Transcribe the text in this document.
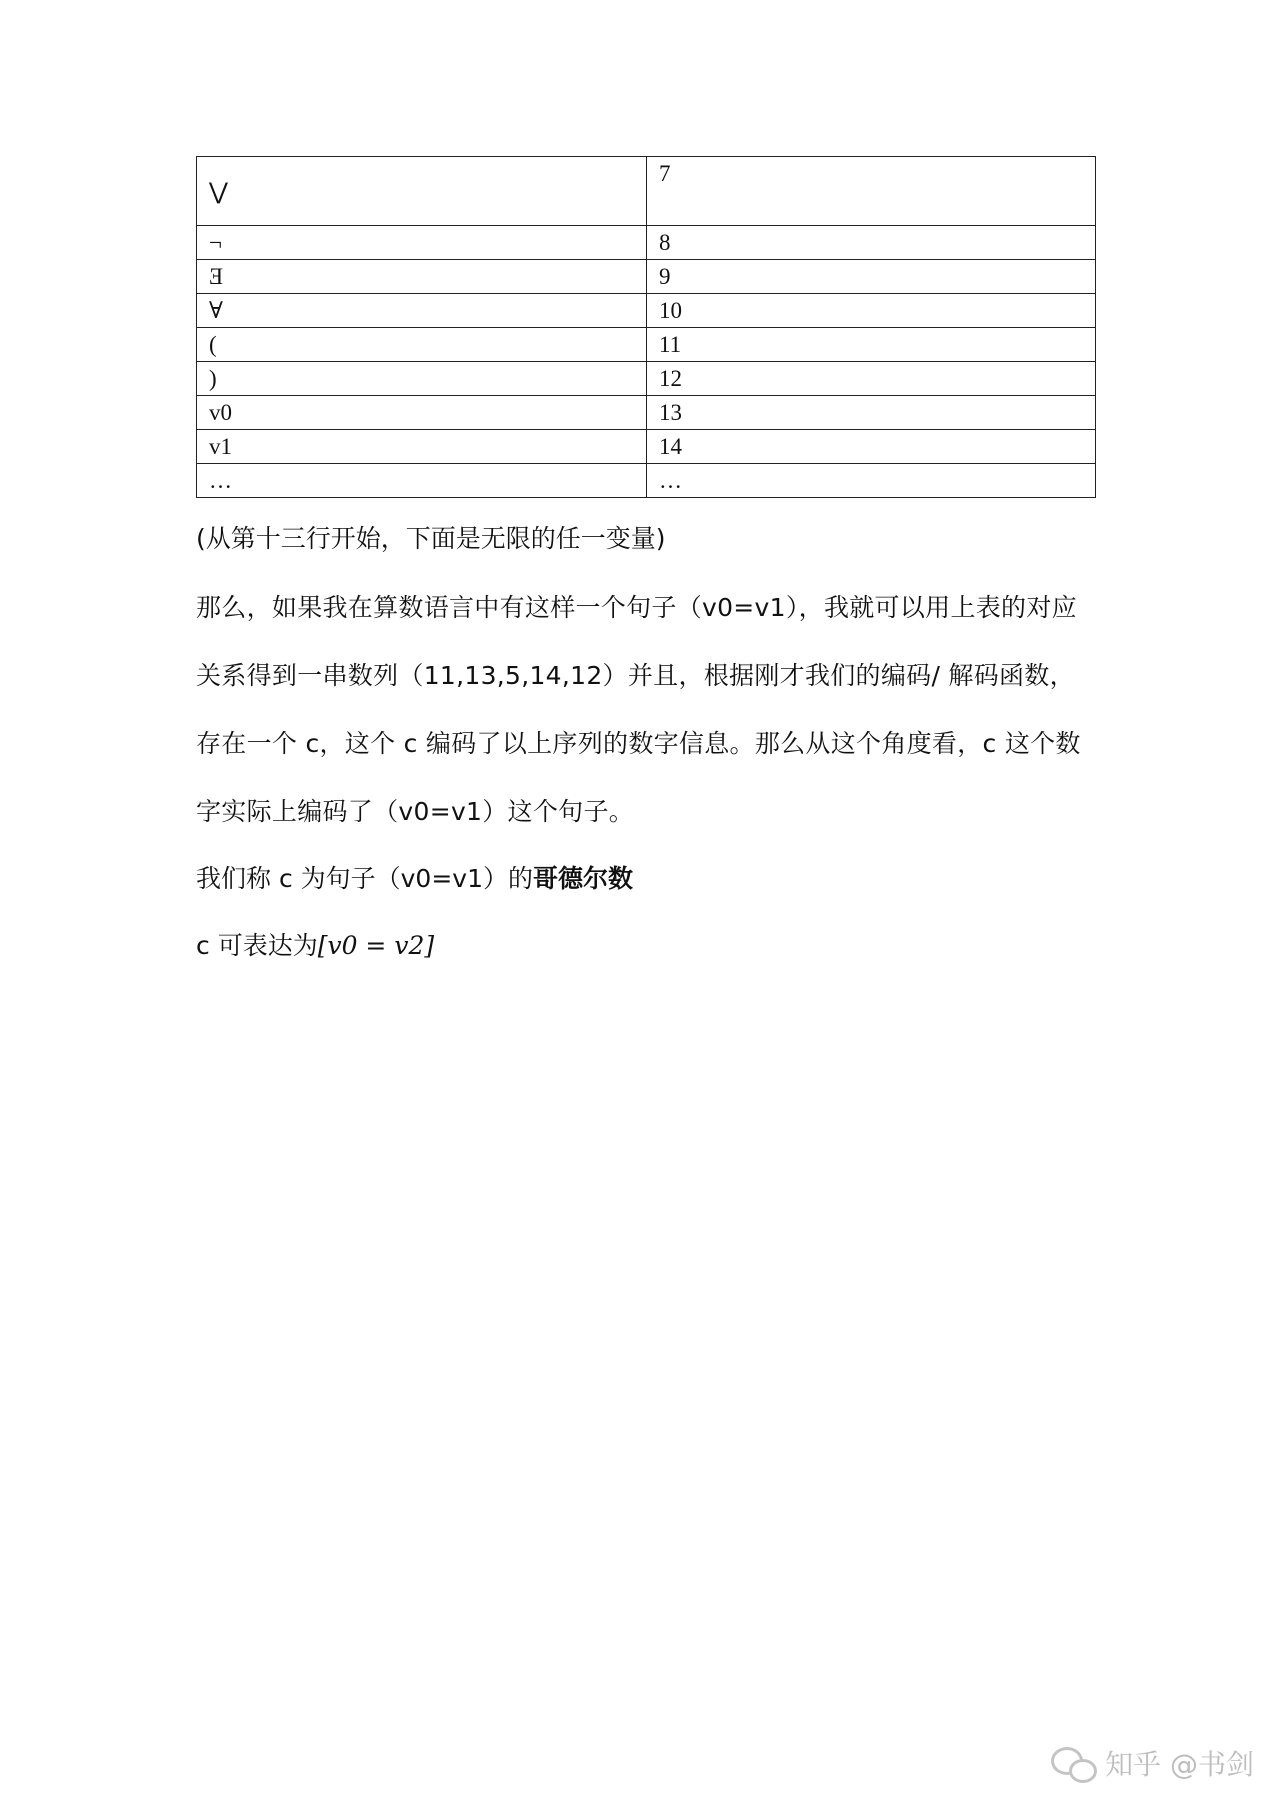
⋁	7
¬	8
Ǝ	9
∀	10
(	11
)	12
v0	13
v1	14
…	…
(从第十三行开始，下面是无限的任一变量)
那么，如果我在算数语言中有这样一个句子（v0=v1），我就可以用上表的对应关系得到一串数列（11,13,5,14,12）并且，根据刚才我们的编码/ 解码函数，存在一个 c，这个 c 编码了以上序列的数字信息。那么从这个角度看，c 这个数字实际上编码了（v0=v1）这个句子。
我们称 c 为句子（v0=v1）的哥德尔数
c 可表达为[v0 = v2]
知乎 @书剑
